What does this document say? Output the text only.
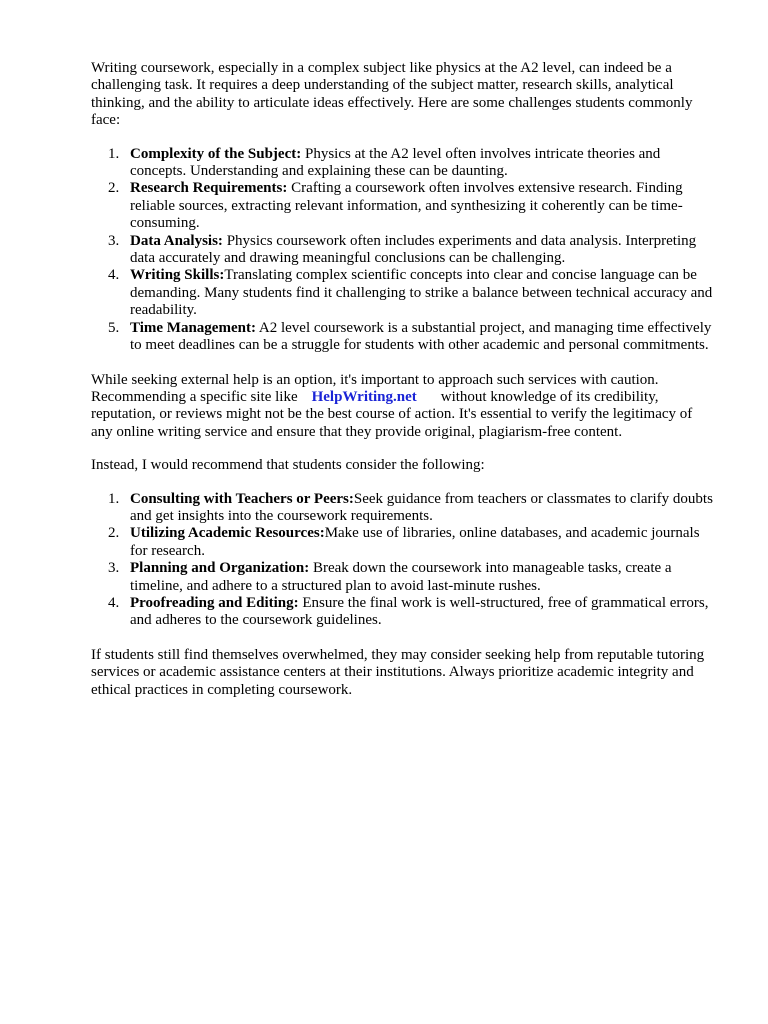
Writing coursework, especially in a complex subject like physics at the A2 level, can indeed be a challenging task. It requires a deep understanding of the subject matter, research skills, analytical thinking, and the ability to articulate ideas effectively. Here are some challenges students commonly face:

1. Complexity of the Subject: Physics at the A2 level often involves intricate theories and concepts. Understanding and explaining these can be daunting.
2. Research Requirements: Crafting a coursework often involves extensive research. Finding reliable sources, extracting relevant information, and synthesizing it coherently can be time-consuming.
3. Data Analysis: Physics coursework often includes experiments and data analysis. Interpreting data accurately and drawing meaningful conclusions can be challenging.
4. Writing Skills:Translating complex scientific concepts into clear and concise language can be demanding. Many students find it challenging to strike a balance between technical accuracy and readability.
5. Time Management: A2 level coursework is a substantial project, and managing time effectively to meet deadlines can be a struggle for students with other academic and personal commitments.

While seeking external help is an option, it's important to approach such services with caution. Recommending a specific site like HelpWriting.net without knowledge of its credibility, reputation, or reviews might not be the best course of action. It's essential to verify the legitimacy of any online writing service and ensure that they provide original, plagiarism-free content.

Instead, I would recommend that students consider the following:

1. Consulting with Teachers or Peers:Seek guidance from teachers or classmates to clarify doubts and get insights into the coursework requirements.
2. Utilizing Academic Resources:Make use of libraries, online databases, and academic journals for research.
3. Planning and Organization: Break down the coursework into manageable tasks, create a timeline, and adhere to a structured plan to avoid last-minute rushes.
4. Proofreading and Editing: Ensure the final work is well-structured, free of grammatical errors, and adheres to the coursework guidelines.

If students still find themselves overwhelmed, they may consider seeking help from reputable tutoring services or academic assistance centers at their institutions. Always prioritize academic integrity and ethical practices in completing coursework.
